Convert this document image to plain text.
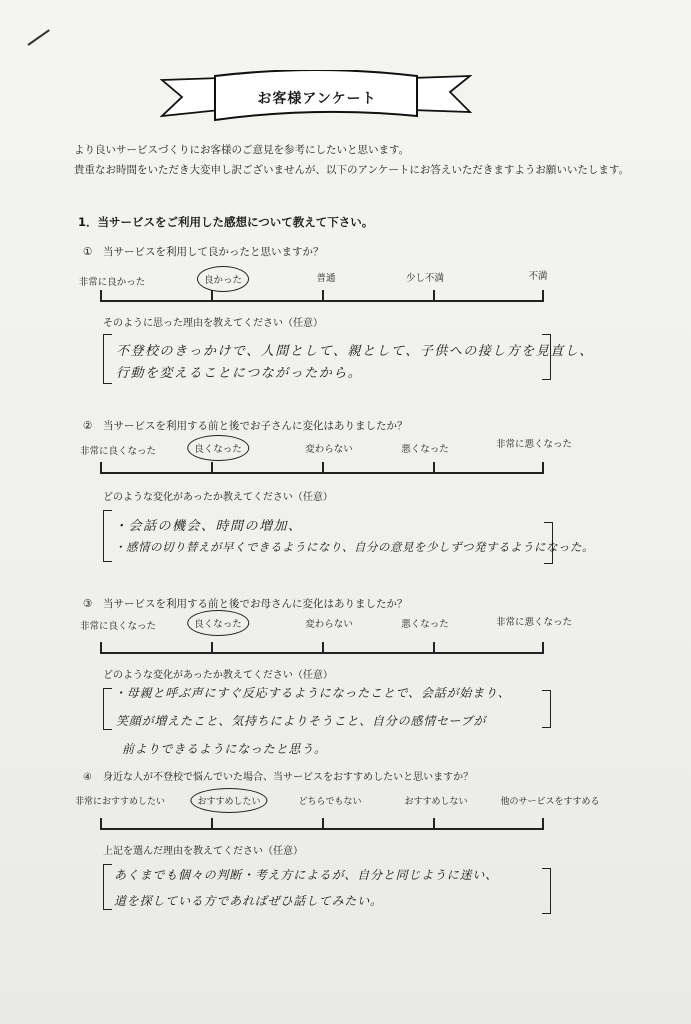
お客様アンケート
より良いサービスづくりにお客様のご意見を参考にしたいと思います。
貴重なお時間をいただき大変申し訳ございませんが、以下のアンケートにお答えいただきますようお願いいたします。
1．当サービスをご利用した感想について教えて下さい。
① 当サービスを利用して良かったと思いますか？
非常に良かった	良かった	普通	少し不満	不満
そのように思った理由を教えてください（任意）
不登校のきっかけで、人間として、親として、子供への接し方を見直し、
行動を変えることにつながったから。
② 当サービスを利用する前と後でお子さんに変化はありましたか？
非常に良くなった	良くなった	変わらない	悪くなった	非常に悪くなった
どのような変化があったか教えてください（任意）
・会話の機会、時間の増加、
・感情の切り替えが早くできるようになり、自分の意見を少しずつ発するようになった。
③ 当サービスを利用する前と後でお母さんに変化はありましたか？
非常に良くなった	良くなった	変わらない	悪くなった	非常に悪くなった
どのような変化があったか教えてください（任意）
・母親と呼ぶ声にすぐ反応するようになったことで、会話が始まり、
笑顔が増えたこと、気持ちによりそうこと、自分の感情セーブが
前よりできるようになったと思う。
④ 身近な人が不登校で悩んでいた場合、当サービスをおすすめしたいと思いますか？
非常におすすめしたい	おすすめしたい	どちらでもない	おすすめしない	他のサービスをすすめる
上記を選んだ理由を教えてください（任意）
あくまでも個々の判断・考え方によるが、自分と同じように迷い、
道を探している方であればぜひ話してみたい。
